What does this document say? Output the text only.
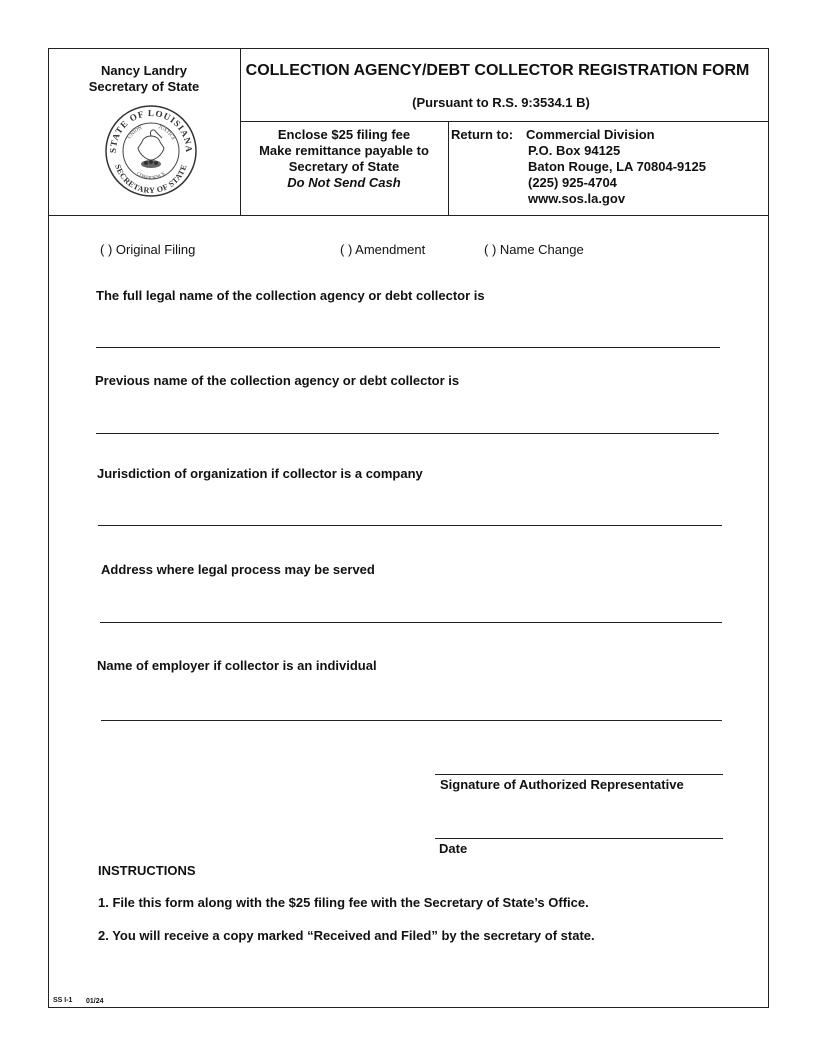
Nancy Landry
Secretary of State
STATE OF LOUISIANA
SECRETARY OF STATE
UNION	JUSTICE
CONFIDENCE
COLLECTION AGENCY/DEBT COLLECTOR REGISTRATION FORM
(Pursuant to R.S. 9:3534.1 B)
Enclose $25 filing fee
Make remittance payable to
Secretary of State
Do Not Send Cash
Return to: Commercial Division
P.O. Box 94125
Baton Rouge, LA 70804-9125
(225) 925-4704
www.sos.la.gov
( ) Original Filing	( ) Amendment	( ) Name Change
The full legal name of the collection agency or debt collector is
Previous name of the collection agency or debt collector is
Jurisdiction of organization if collector is a company
Address where legal process may be served
Name of employer if collector is an individual
Signature of Authorized Representative
Date
INSTRUCTIONS
1. File this form along with the $25 filing fee with the Secretary of State’s Office.
2. You will receive a copy marked “Received and Filed” by the secretary of state.
SS I-1 01/24
